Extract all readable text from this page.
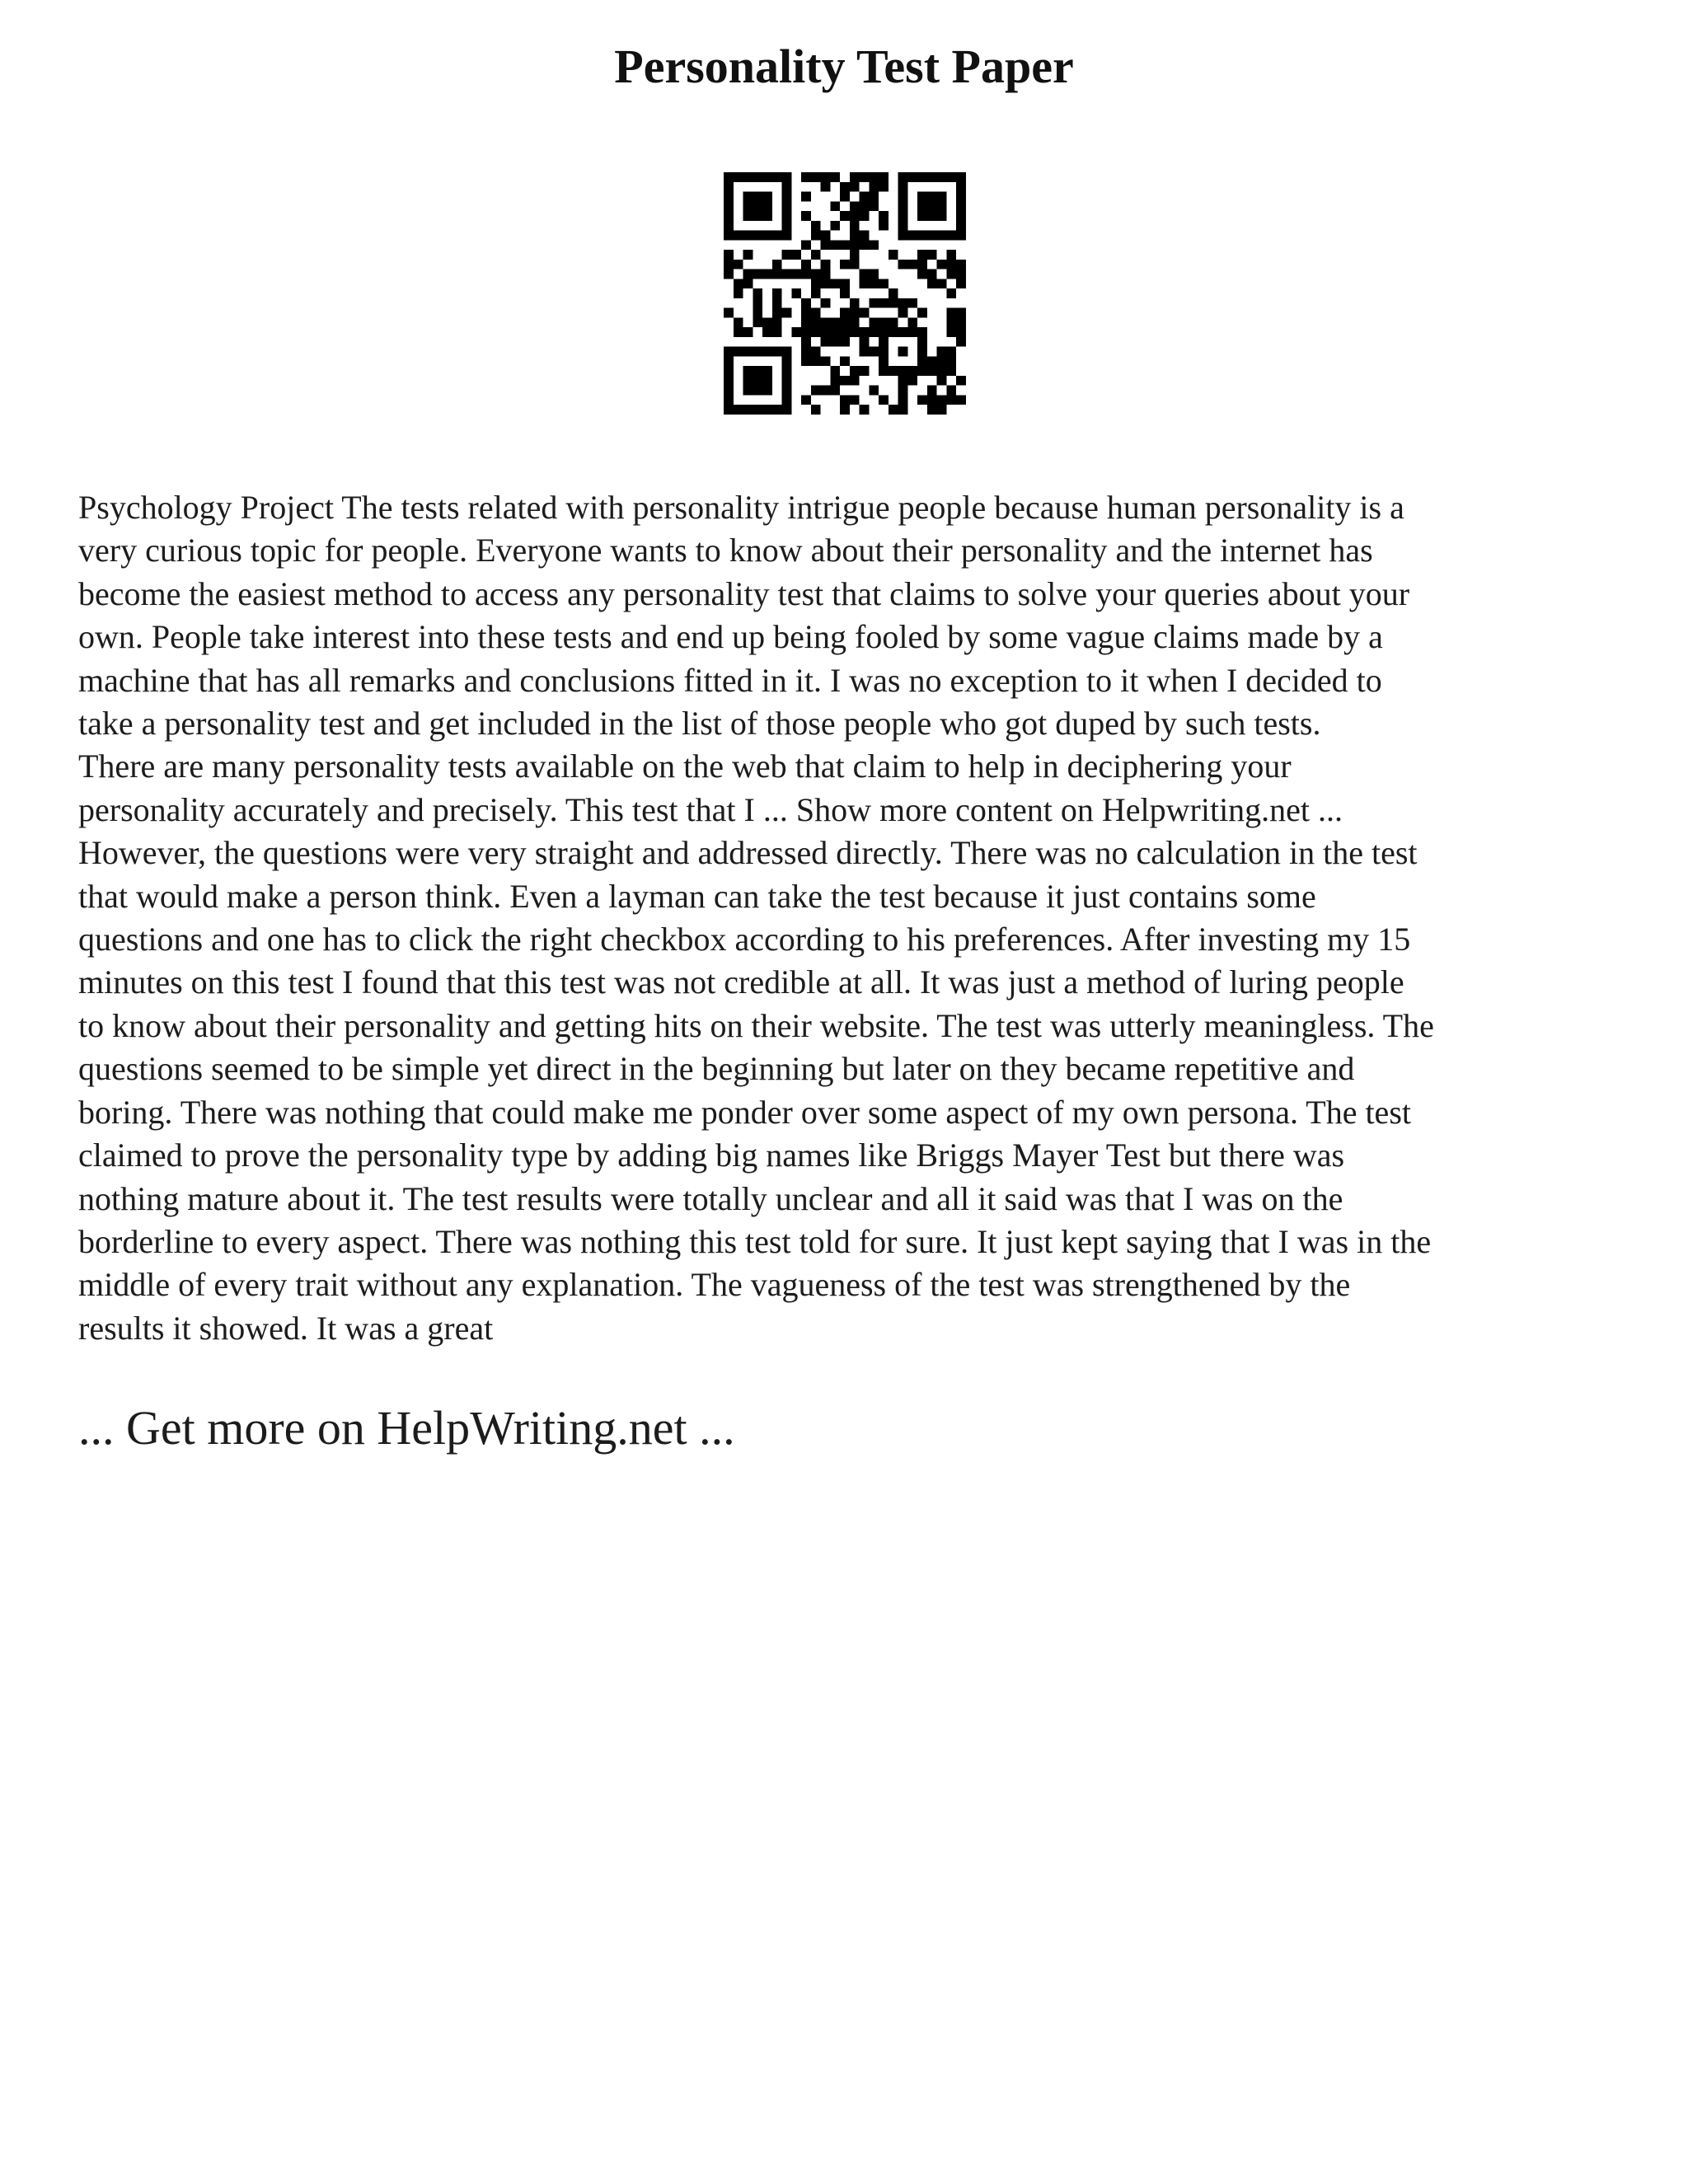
Personality Test Paper
Psychology Project The tests related with personality intrigue people because human personality is a
very curious topic for people. Everyone wants to know about their personality and the internet has
become the easiest method to access any personality test that claims to solve your queries about your
own. People take interest into these tests and end up being fooled by some vague claims made by a
machine that has all remarks and conclusions fitted in it. I was no exception to it when I decided to
take a personality test and get included in the list of those people who got duped by such tests.
There are many personality tests available on the web that claim to help in deciphering your
personality accurately and precisely. This test that I ... Show more content on Helpwriting.net ...
However, the questions were very straight and addressed directly. There was no calculation in the test
that would make a person think. Even a layman can take the test because it just contains some
questions and one has to click the right checkbox according to his preferences. After investing my 15
minutes on this test I found that this test was not credible at all. It was just a method of luring people
to know about their personality and getting hits on their website. The test was utterly meaningless. The
questions seemed to be simple yet direct in the beginning but later on they became repetitive and
boring. There was nothing that could make me ponder over some aspect of my own persona. The test
claimed to prove the personality type by adding big names like Briggs Mayer Test but there was
nothing mature about it. The test results were totally unclear and all it said was that I was on the
borderline to every aspect. There was nothing this test told for sure. It just kept saying that I was in the
middle of every trait without any explanation. The vagueness of the test was strengthened by the
results it showed. It was a great
... Get more on HelpWriting.net ...
